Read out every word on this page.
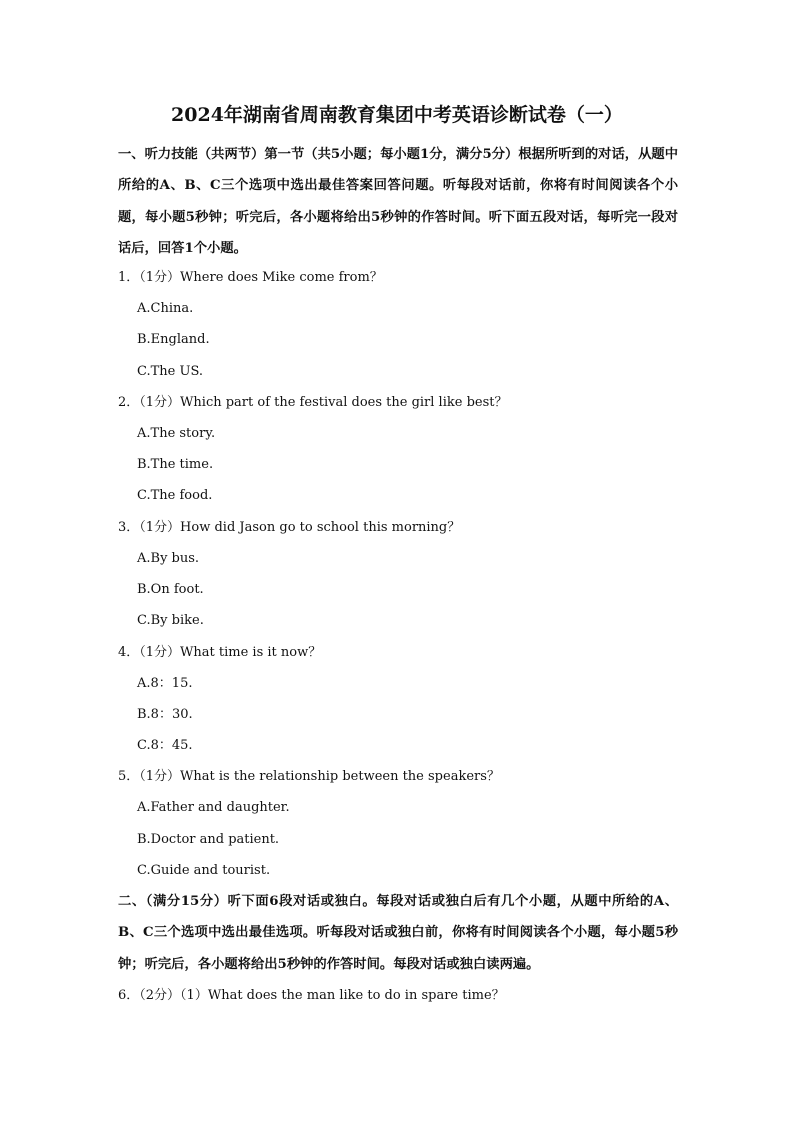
2024年湖南省周南教育集团中考英语诊断试卷（一）

一、听力技能（共两节）第一节（共5小题；每小题1分，满分5分）根据所听到的对话，从题中所给的A、B、C三个选项中选出最佳答案回答问题。听每段对话前，你将有时间阅读各个小题，每小题5秒钟；听完后，各小题将给出5秒钟的作答时间。听下面五段对话，每听完一段对话后，回答1个小题。

1．（1分）Where does Mike come from？

A.China.

B.England.

C.The US.

2．（1分）Which part of the festival does the girl like best？

A.The story.

B.The time.

C.The food.

3．（1分）How did Jason go to school this morning？

A.By bus.

B.On foot.

C.By bike.

4．（1分）What time is it now？

A.8：15.

B.8：30.

C.8：45.

5．（1分）What is the relationship between the speakers？

A.Father and daughter.

B.Doctor and patient.

C.Guide and tourist.

二、（满分15分）听下面6段对话或独白。每段对话或独白后有几个小题，从题中所给的A、B、C三个选项中选出最佳选项。听每段对话或独白前，你将有时间阅读各个小题，每小题5秒钟；听完后，各小题将给出5秒钟的作答时间。每段对话或独白读两遍。

6．（2分）（1）What does the man like to do in spare time？
